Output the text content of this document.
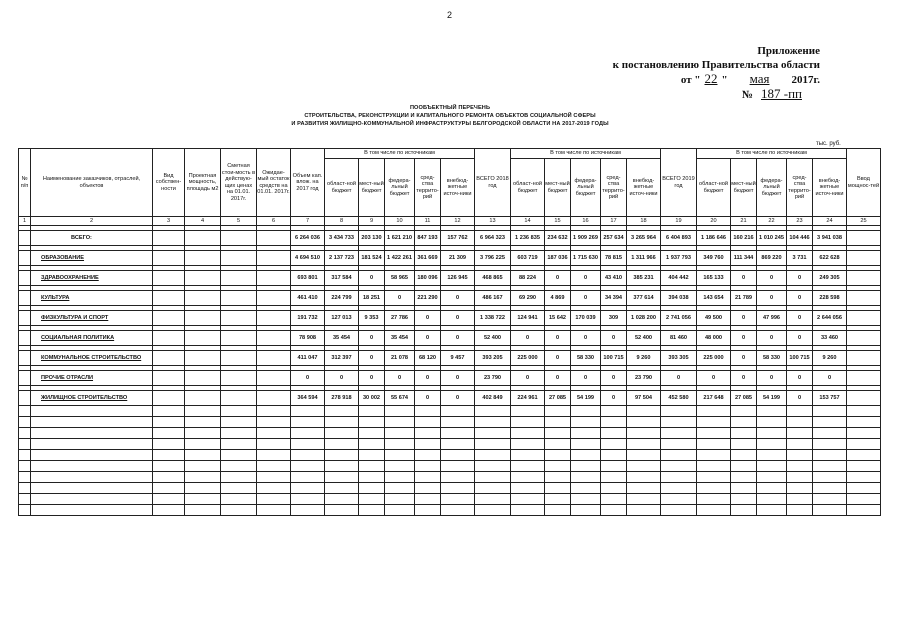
2
Приложение
к постановлению Правительства области
от " 22 " мая 2017г.
№ 187 -пп
ПООБЪЕКТНЫЙ ПЕРЕЧЕНЬ
СТРОИТЕЛЬСТВА, РЕКОНСТРУКЦИИ И КАПИТАЛЬНОГО РЕМОНТА ОБЪЕКТОВ СОЦИАЛЬНОЙ СФЕРЫ
И РАЗВИТИЯ ЖИЛИЩНО-КОММУНАЛЬНОЙ ИНФРАСТРУКТУРЫ БЕЛГОРОДСКОЙ ОБЛАСТИ НА 2017-2019 ГОДЫ
тыс. руб.
№ п/п	Наименование заказчиков, отраслей, объектов	Вид собствен-ности	Проектная мощность, площадь м2	Сметная стои-мость в действую-щих ценах на 01.01. 2017г.	Ожидае-мый остаток средств на 01.01. 2017г.	Объем кап. влож. на 2017 год	В том числе по источникам					ВСЕГО 2018 год	В том числе по источникам					ВСЕГО 2019 год	В том числе по источникам					Ввод мощнос-тей
							област-ной бюджет	мест-ный бюджет	федера-льный бюджет	сред-ства террито-рий	внебюд-жетные источ-ники		област-ной бюджет	мест-ный бюджет	федера-льный бюджет	сред-ства террито-рий	внебюд-жетные источ-ники		област-ной бюджет	мест-ный бюджет	федера-льный бюджет	сред-ства террито-рий	внебюд-жетные источ-ники	
1	2	3	4	5	6	7	8	9	10	11	12	13	14	15	16	17	18	19	20	21	22	23	24	25

	ВСЕГО:					6 264 036	3 434 733	203 130	1 621 210	847 193	157 762	6 964 323	1 236 835	234 632	1 909 269	257 634	3 265 964	6 404 893	1 186 646	160 216	1 010 245	104 446	3 941 038	

	ОБРАЗОВАНИЕ					4 694 510	2 137 723	181 524	1 422 261	361 669	21 309	3 796 225	603 719	187 036	1 715 630	78 815	1 311 966	1 937 793	349 760	111 344	869 220	3 731	622 628	

	ЗДРАВООХРАНЕНИЕ					693 801	317 584	0	58 965	180 096	126 945	468 865	88 224	0	0	43 410	385 231	404 442	165 133	0	0	0	249 305	

	КУЛЬТУРА					461 410	224 799	18 251	0	221 290	0	486 167	69 290	4 869	0	34 394	377 614	394 038	143 654	21 789	0	0	228 598	

	ФИЗКУЛЬТУРА И СПОРТ					191 732	127 013	9 353	27 786	0	0	1 338 722	124 941	15 642	170 039	309	1 028 200	2 741 056	49 500	0	47 996	0	2 644 056	

	СОЦИАЛЬНАЯ ПОЛИТИКА					78 908	35 454	0	35 454	0	0	52 400	0	0	0	0	52 400	81 460	48 000	0	0	0	33 460	

	КОММУНАЛЬНОЕ СТРОИТЕЛЬСТВО					411 047	312 397	0	21 078	68 120	9 457	393 205	225 000	0	58 330	100 715	9 260	393 305	225 000	0	58 330	100 715	9 260	

	ПРОЧИЕ ОТРАСЛИ					0	0	0	0	0	0	23 790	0	0	0	0	23 790	0	0	0	0	0	0	

	ЖИЛИЩНОЕ СТРОИТЕЛЬСТВО					364 594	278 918	30 002	55 674	0	0	402 849	224 961	27 085	54 199	0	97 504	452 580	217 648	27 085	54 199	0	153 757	
